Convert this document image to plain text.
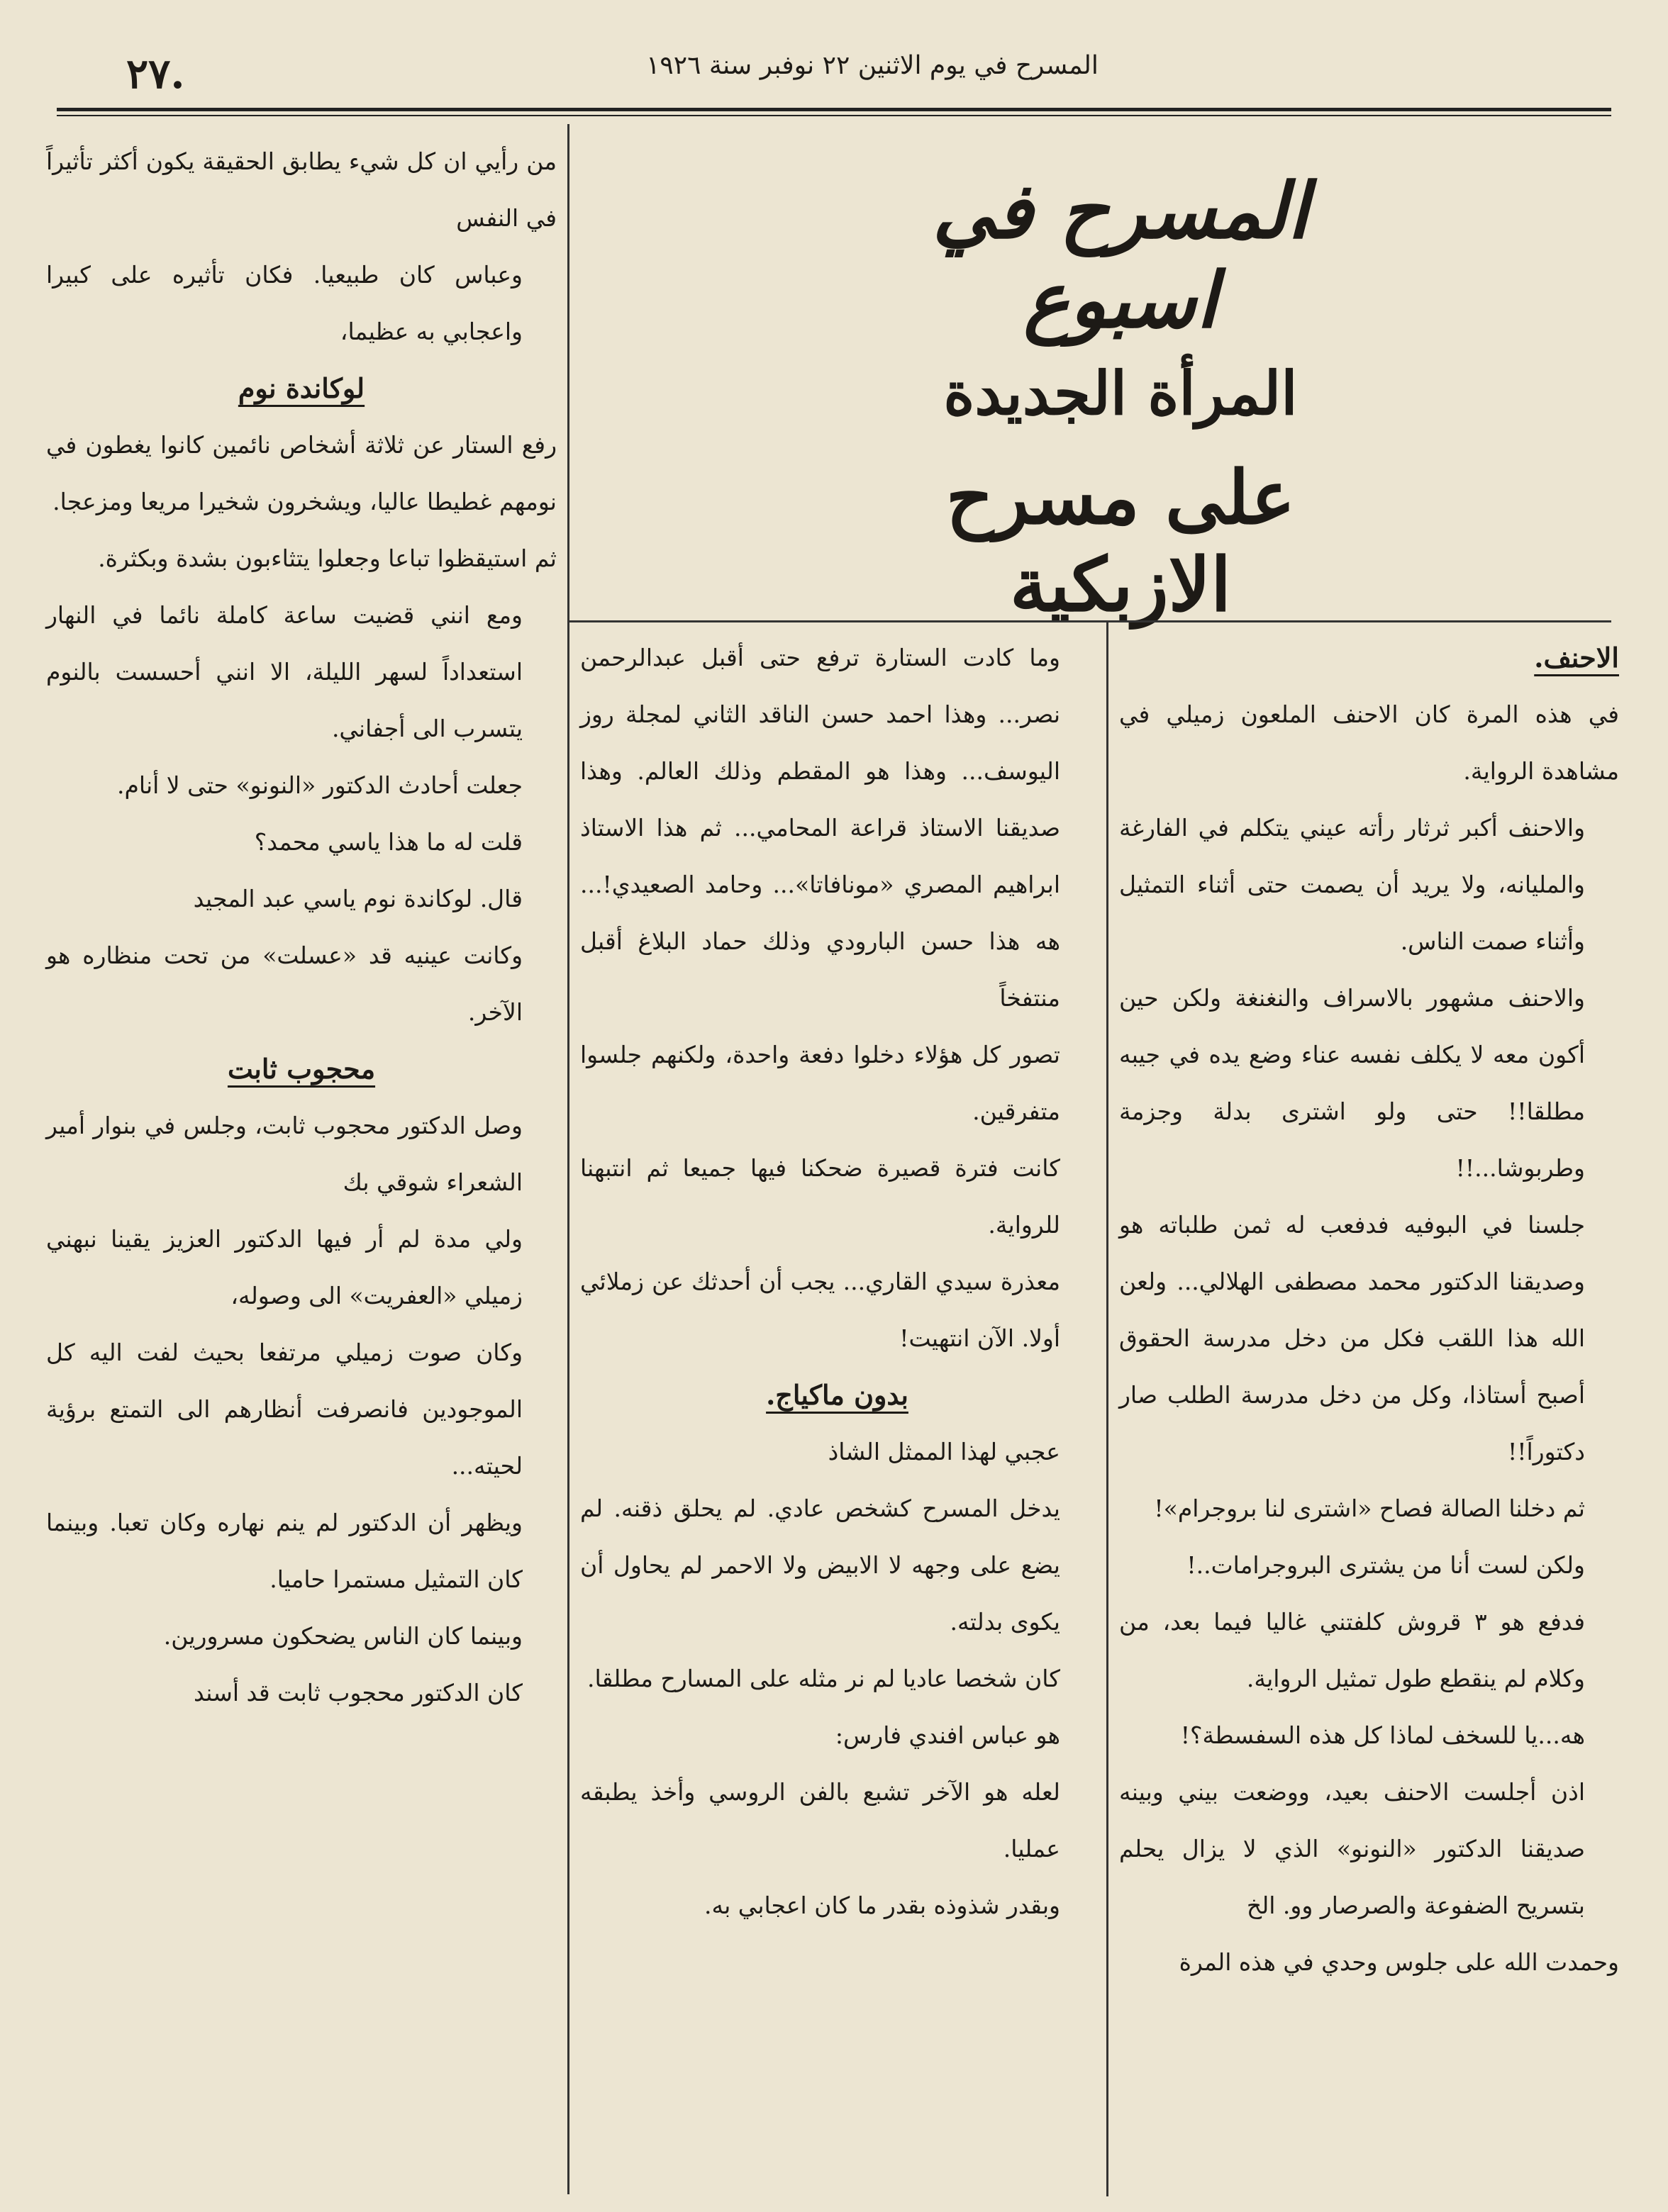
٢٧.	المسرح في يوم الاثنين ٢٢ نوفبر سنة ١٩٢٦
المسرح في اسبوع
المرأة الجديدة
على مسرح الازبكية

الاحنف.

في هذه المرة كان الاحنف الملعون زميلي في مشاهدة الرواية.

والاحنف أكبر ثرثار رأته عيني يتكلم في الفارغة والمليانه، ولا يريد أن يصمت حتى أثناء التمثيل وأثناء صمت الناس.

والاحنف مشهور بالاسراف والنغنغة ولكن حين أكون معه لا يكلف نفسه عناء وضع يده في جيبه مطلقا!! حتى ولو اشترى بدلة وجزمة وطربوشا...!!

جلسنا في البوفيه فدفعب له ثمن طلباته هو وصديقنا الدكتور محمد مصطفى الهلالي... ولعن الله هذا اللقب فكل من دخل مدرسة الحقوق أصبح أستاذا، وكل من دخل مدرسة الطلب صار دكتوراً!!

ثم دخلنا الصالة فصاح «اشترى لنا بروجرام»!

ولكن لست أنا من يشترى البروجرامات..!

فدفع هو ٣ قروش كلفتني غاليا فيما بعد، من وكلام لم ينقطع طول تمثيل الرواية.

هه...يا للسخف لماذا كل هذه السفسطة؟!

اذن أجلست الاحنف بعيد، ووضعت بيني وبينه صديقنا الدكتور «النونو» الذي لا يزال يحلم بتسريح الضفوعة والصرصار وو. الخ

وحمدت الله على جلوس وحدي في هذه المرة

وما كادت الستارة ترفع حتى أقبل عبدالرحمن نصر... وهذا احمد حسن الناقد الثاني لمجلة روز اليوسف... وهذا هو المقطم وذلك العالم. وهذا صديقنا الاستاذ قراعة المحامي... ثم هذا الاستاذ ابراهيم المصري «مونافاتا»... وحامد الصعيدي!... هه هذا حسن البارودي وذلك حماد البلاغ أقبل منتفخاً

تصور كل هؤلاء دخلوا دفعة واحدة، ولكنهم جلسوا متفرقين.

كانت فترة قصيرة ضحكنا فيها جميعا ثم انتبهنا للرواية.

معذرة سيدي القاري... يجب أن أحدثك عن زملائي أولا. الآن انتهيت!

بدون ماكياج.

عجبي لهذا الممثل الشاذ

يدخل المسرح كشخص عادي. لم يحلق ذقنه. لم يضع على وجهه لا الابيض ولا الاحمر لم يحاول أن يكوى بدلته.

كان شخصا عاديا لم نر مثله على المسارح مطلقا.

هو عباس افندي فارس:

لعله هو الآخر تشبع بالفن الروسي وأخذ يطبقه عمليا.

وبقدر شذوذه بقدر ما كان اعجابي به.

من رأيي ان كل شيء يطابق الحقيقة يكون أكثر تأثيراً في النفس

وعباس كان طبيعيا. فكان تأثيره على كبيرا واعجابي به عظيما،

لوكاندة نوم

رفع الستار عن ثلاثة أشخاص نائمين كانوا يغطون في نومهم غطيطا عاليا، ويشخرون شخيرا مريعا ومزعجا.

ثم استيقظوا تباعا وجعلوا يتثاءبون بشدة وبكثرة.

ومع انني قضيت ساعة كاملة نائما في النهار استعداداً لسهر الليلة، الا انني أحسست بالنوم يتسرب الى أجفاني.

جعلت أحادث الدكتور «النونو» حتى لا أنام.

قلت له ما هذا ياسي محمد؟

قال. لوكاندة نوم ياسي عبد المجيد

وكانت عينيه قد «عسلت» من تحت منظاره هو الآخر.

محجوب ثابت

وصل الدكتور محجوب ثابت، وجلس في بنوار أمير الشعراء شوقي بك

ولي مدة لم أر فيها الدكتور العزيز يقينا نبهني زميلي «العفريت» الى وصوله،

وكان صوت زميلي مرتفعا بحيث لفت اليه كل الموجودين فانصرفت أنظارهم الى التمتع برؤية لحيته...

ويظهر أن الدكتور لم ينم نهاره وكان تعبا. وبينما كان التمثيل مستمرا حاميا.

وبينما كان الناس يضحكون مسرورين.

كان الدكتور محجوب ثابت قد أسند
